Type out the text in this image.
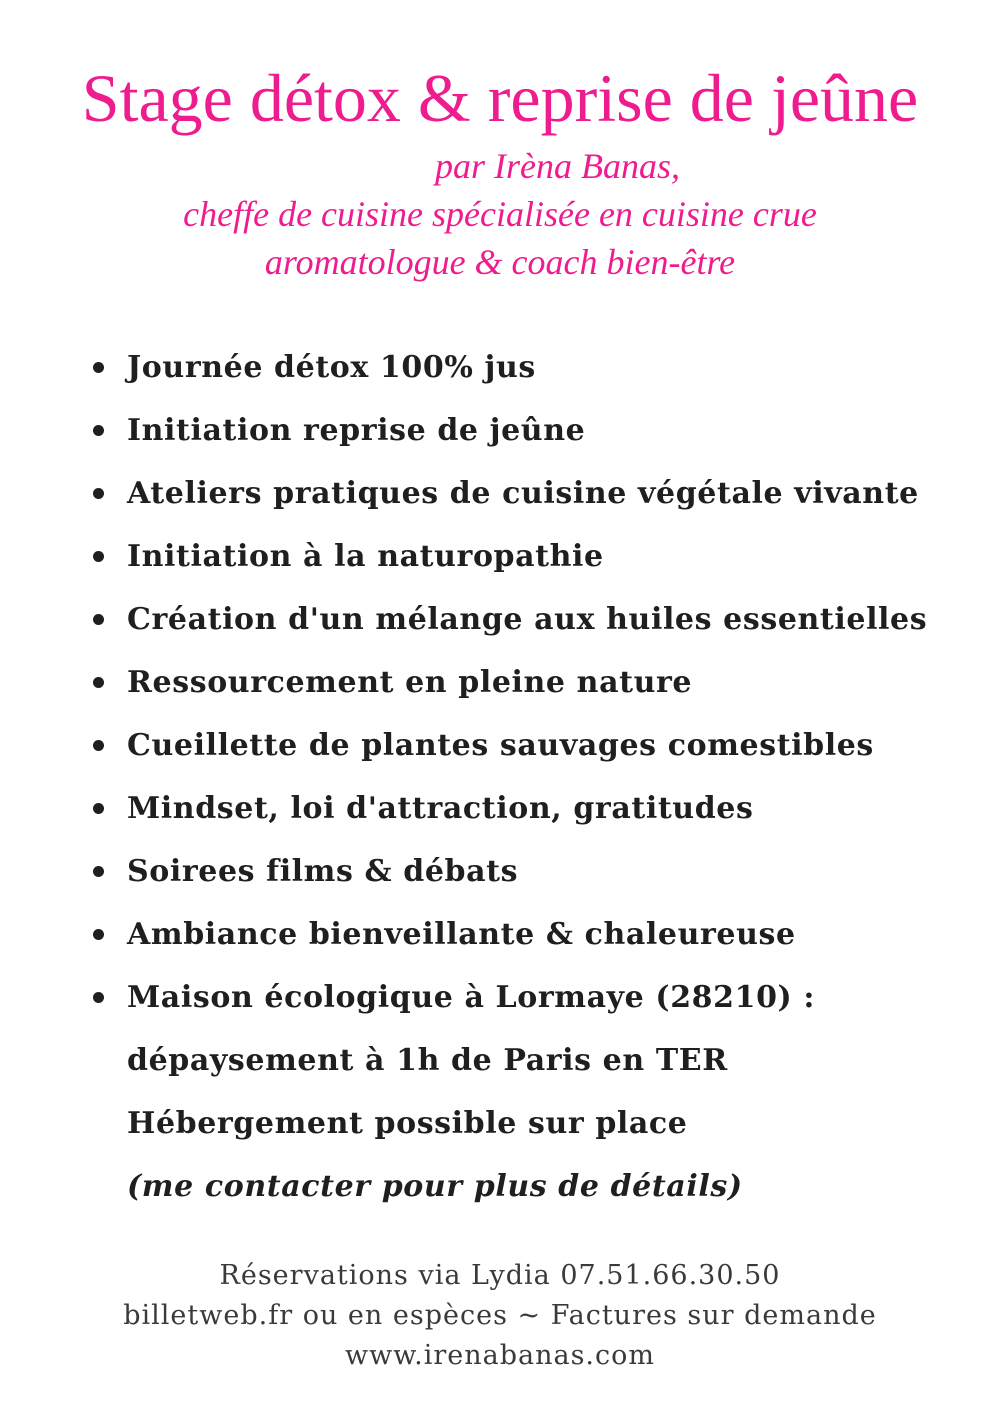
Stage détox & reprise de jeûne
par Irèna Banas,
cheffe de cuisine spécialisée en cuisine crue
aromatologue & coach bien-être
Journée détox 100% jus
Initiation reprise de jeûne
Ateliers pratiques de cuisine végétale vivante
Initiation à la naturopathie
Création d'un mélange aux huiles essentielles
Ressourcement en pleine nature
Cueillette de plantes sauvages comestibles
Mindset, loi d'attraction, gratitudes
Soirees films & débats
Ambiance bienveillante & chaleureuse
Maison écologique à Lormaye (28210) :
dépaysement à 1h de Paris en TER
Hébergement possible sur place
(me contacter pour plus de détails)
Réservations via Lydia 07.51.66.30.50
billetweb.fr ou en espèces ~ Factures sur demande
www.irenabanas.com
